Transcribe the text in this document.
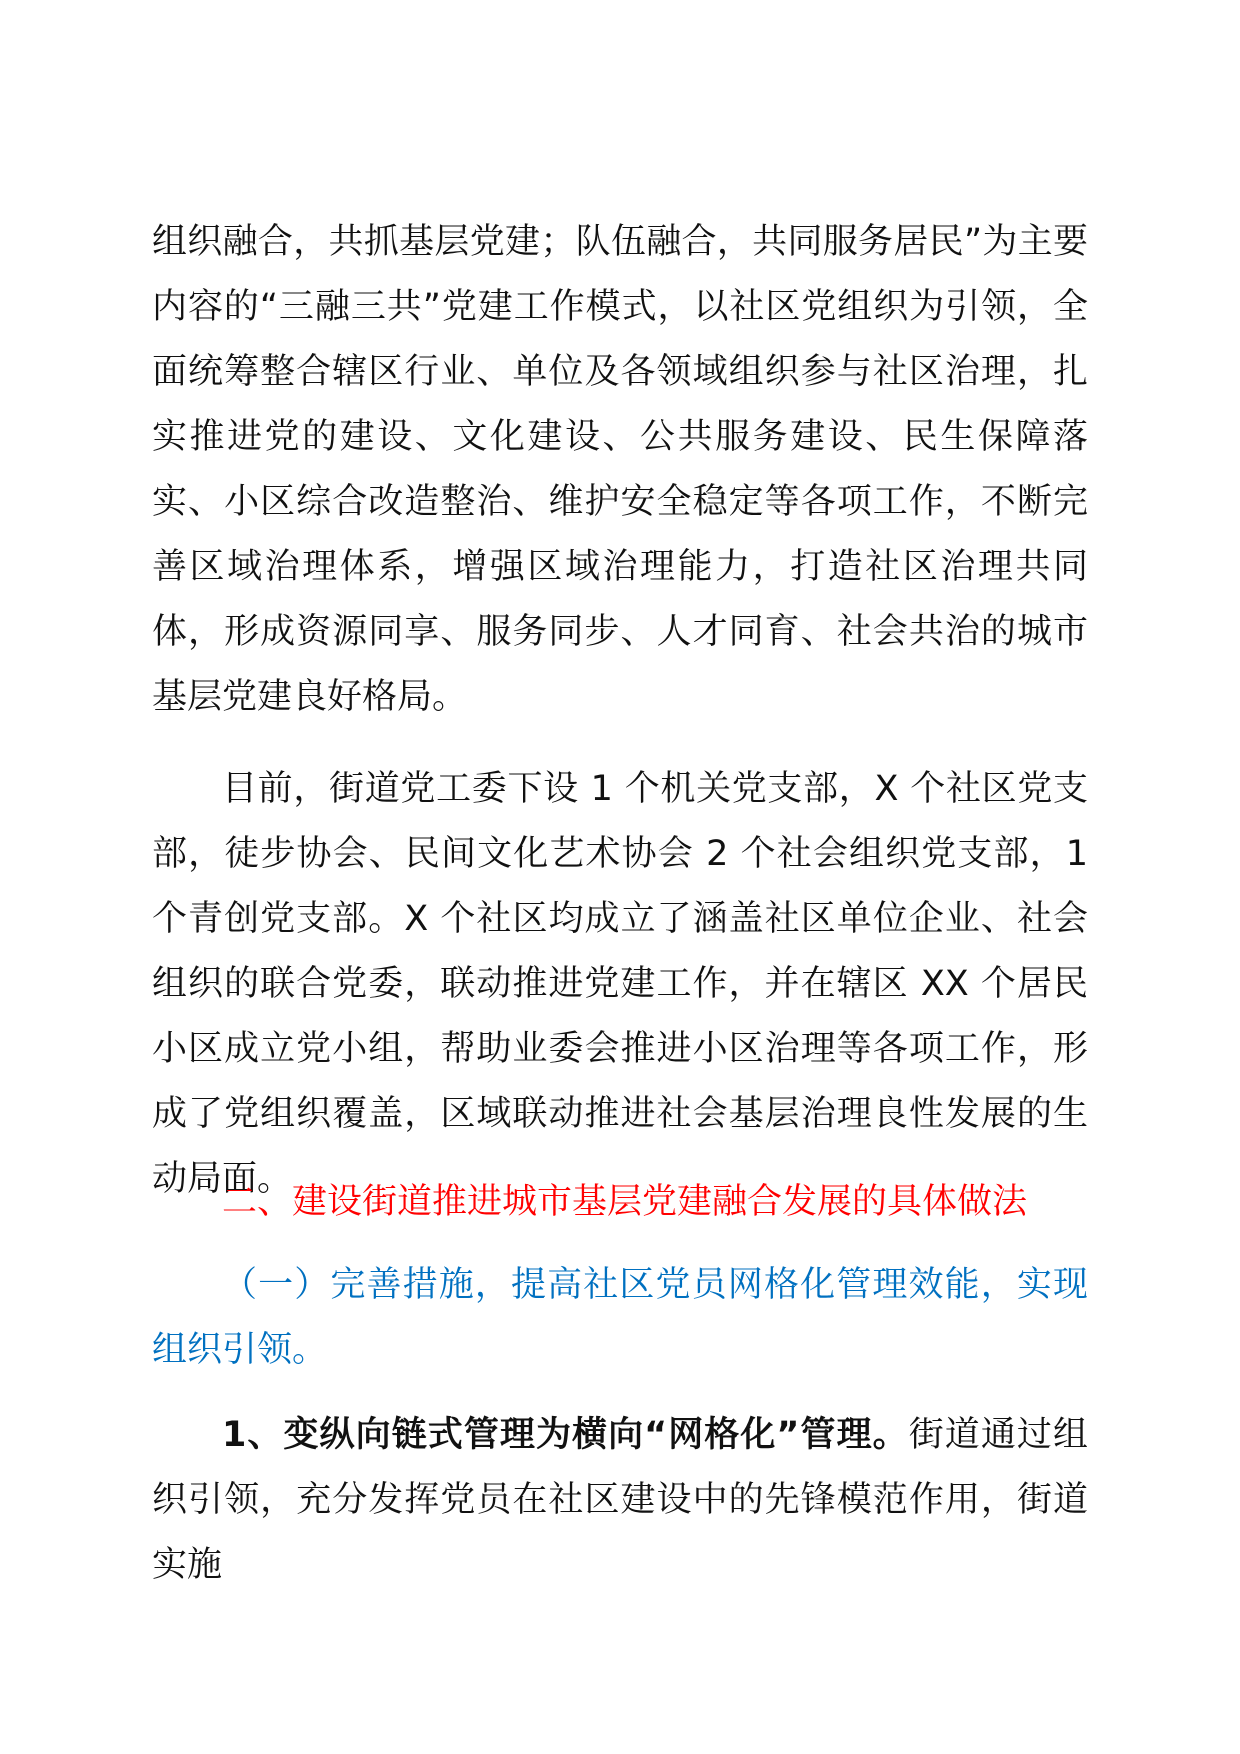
组织融合，共抓基层党建；队伍融合，共同服务居民”为主要内容的“三融三共”党建工作模式，以社区党组织为引领，全面统筹整合辖区行业、单位及各领域组织参与社区治理，扎实推进党的建设、文化建设、公共服务建设、民生保障落实、小区综合改造整治、维护安全稳定等各项工作，不断完善区域治理体系，增强区域治理能力，打造社区治理共同体，形成资源同享、服务同步、人才同育、社会共治的城市基层党建良好格局。

目前，街道党工委下设 1 个机关党支部，X 个社区党支部，徒步协会、民间文化艺术协会 2 个社会组织党支部，1 个青创党支部。X 个社区均成立了涵盖社区单位企业、社会组织的联合党委，联动推进党建工作，并在辖区 XX 个居民小区成立党小组，帮助业委会推进小区治理等各项工作，形成了党组织覆盖，区域联动推进社会基层治理良性发展的生动局面。

二、建设街道推进城市基层党建融合发展的具体做法

（一）完善措施，提高社区党员网格化管理效能，实现组织引领。

1、变纵向链式管理为横向“网格化”管理。街道通过组织引领，充分发挥党员在社区建设中的先锋模范作用，街道实施
